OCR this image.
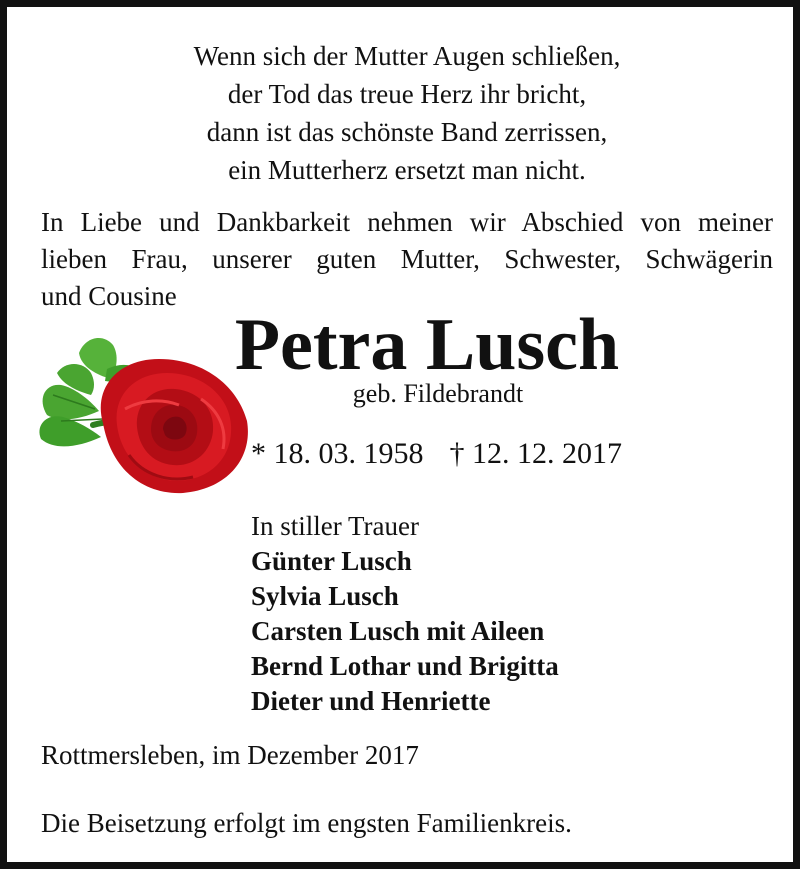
Wenn sich der Mutter Augen schließen,
der Tod das treue Herz ihr bricht,
dann ist das schönste Band zerrissen,
ein Mutterherz ersetzt man nicht.
In Liebe und Dankbarkeit nehmen wir Abschied von meiner
lieben Frau, unserer guten Mutter, Schwester, Schwägerin
und Cousine
Petra Lusch
geb. Fildebrandt
* 18. 03. 1958 † 12. 12. 2017
In stiller Trauer
Günter Lusch
Sylvia Lusch
Carsten Lusch mit Aileen
Bernd Lothar und Brigitta
Dieter und Henriette
Rottmersleben, im Dezember 2017
Die Beisetzung erfolgt im engsten Familienkreis.
